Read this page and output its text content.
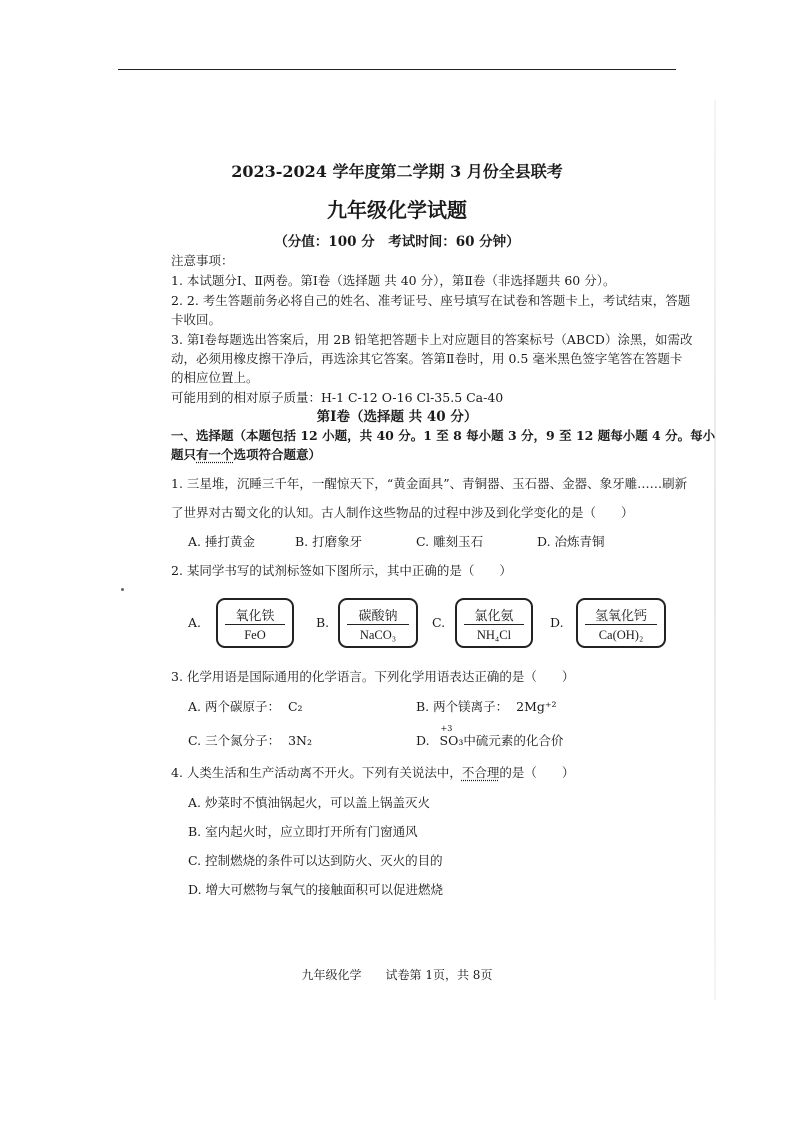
2023-2024 学年度第二学期 3 月份全县联考
九年级化学试题
（分值：100 分　考试时间：60 分钟）
注意事项：
1. 本试题分Ⅰ、Ⅱ两卷。第Ⅰ卷（选择题 共 40 分），第Ⅱ卷（非选择题共 60 分）。
2. 2. 考生答题前务必将自己的姓名、准考证号、座号填写在试卷和答题卡上，考试结束，答题
卡收回。
3. 第Ⅰ卷每题选出答案后，用 2B 铅笔把答题卡上对应题目的答案标号（ABCD）涂黑，如需改
动，必须用橡皮擦干净后，再选涂其它答案。答第Ⅱ卷时，用 0.5 毫米黑色签字笔答在答题卡
的相应位置上。
可能用到的相对原子质量：H-1 C-12 O-16 Cl-35.5 Ca-40
第Ⅰ卷（选择题 共 40 分）
一、选择题（本题包括 12 小题，共 40 分。1 至 8 每小题 3 分，9 至 12 题每小题 4 分。每小
题只有一个选项符合题意）
1. 三星堆，沉睡三千年，一醒惊天下，“黄金面具”、青铜器、玉石器、金器、象牙雕……刷新
了世界对古蜀文化的认知。古人制作这些物品的过程中涉及到化学变化的是（　　）
A. 捶打黄金	B. 打磨象牙	C. 雕刻玉石	D. 冶炼青铜
2. 某同学书写的试剂标签如下图所示，其中正确的是（　　）
A.	氧化铁
FeO
B.	碳酸钠
NaCO₃
C.	氯化氨
NH₄Cl
D.	氢氧化钙
Ca(OH)₂
3. 化学用语是国际通用的化学语言。下列化学用语表达正确的是（　　）
A. 两个碳原子： C₂	B. 两个镁离子： 2Mg⁺²
C. 三个氮分子： 3N₂	D.
+3
SO₃中硫元素的化合价
4. 人类生活和生产活动离不开火。下列有关说法中，不合理的是（　　）
A. 炒菜时不慎油锅起火，可以盖上锅盖灭火
B. 室内起火时，应立即打开所有门窗通风
C. 控制燃烧的条件可以达到防火、灭火的目的
D. 增大可燃物与氧气的接触面积可以促进燃烧
九年级化学　　试卷第 1页，共 8页
